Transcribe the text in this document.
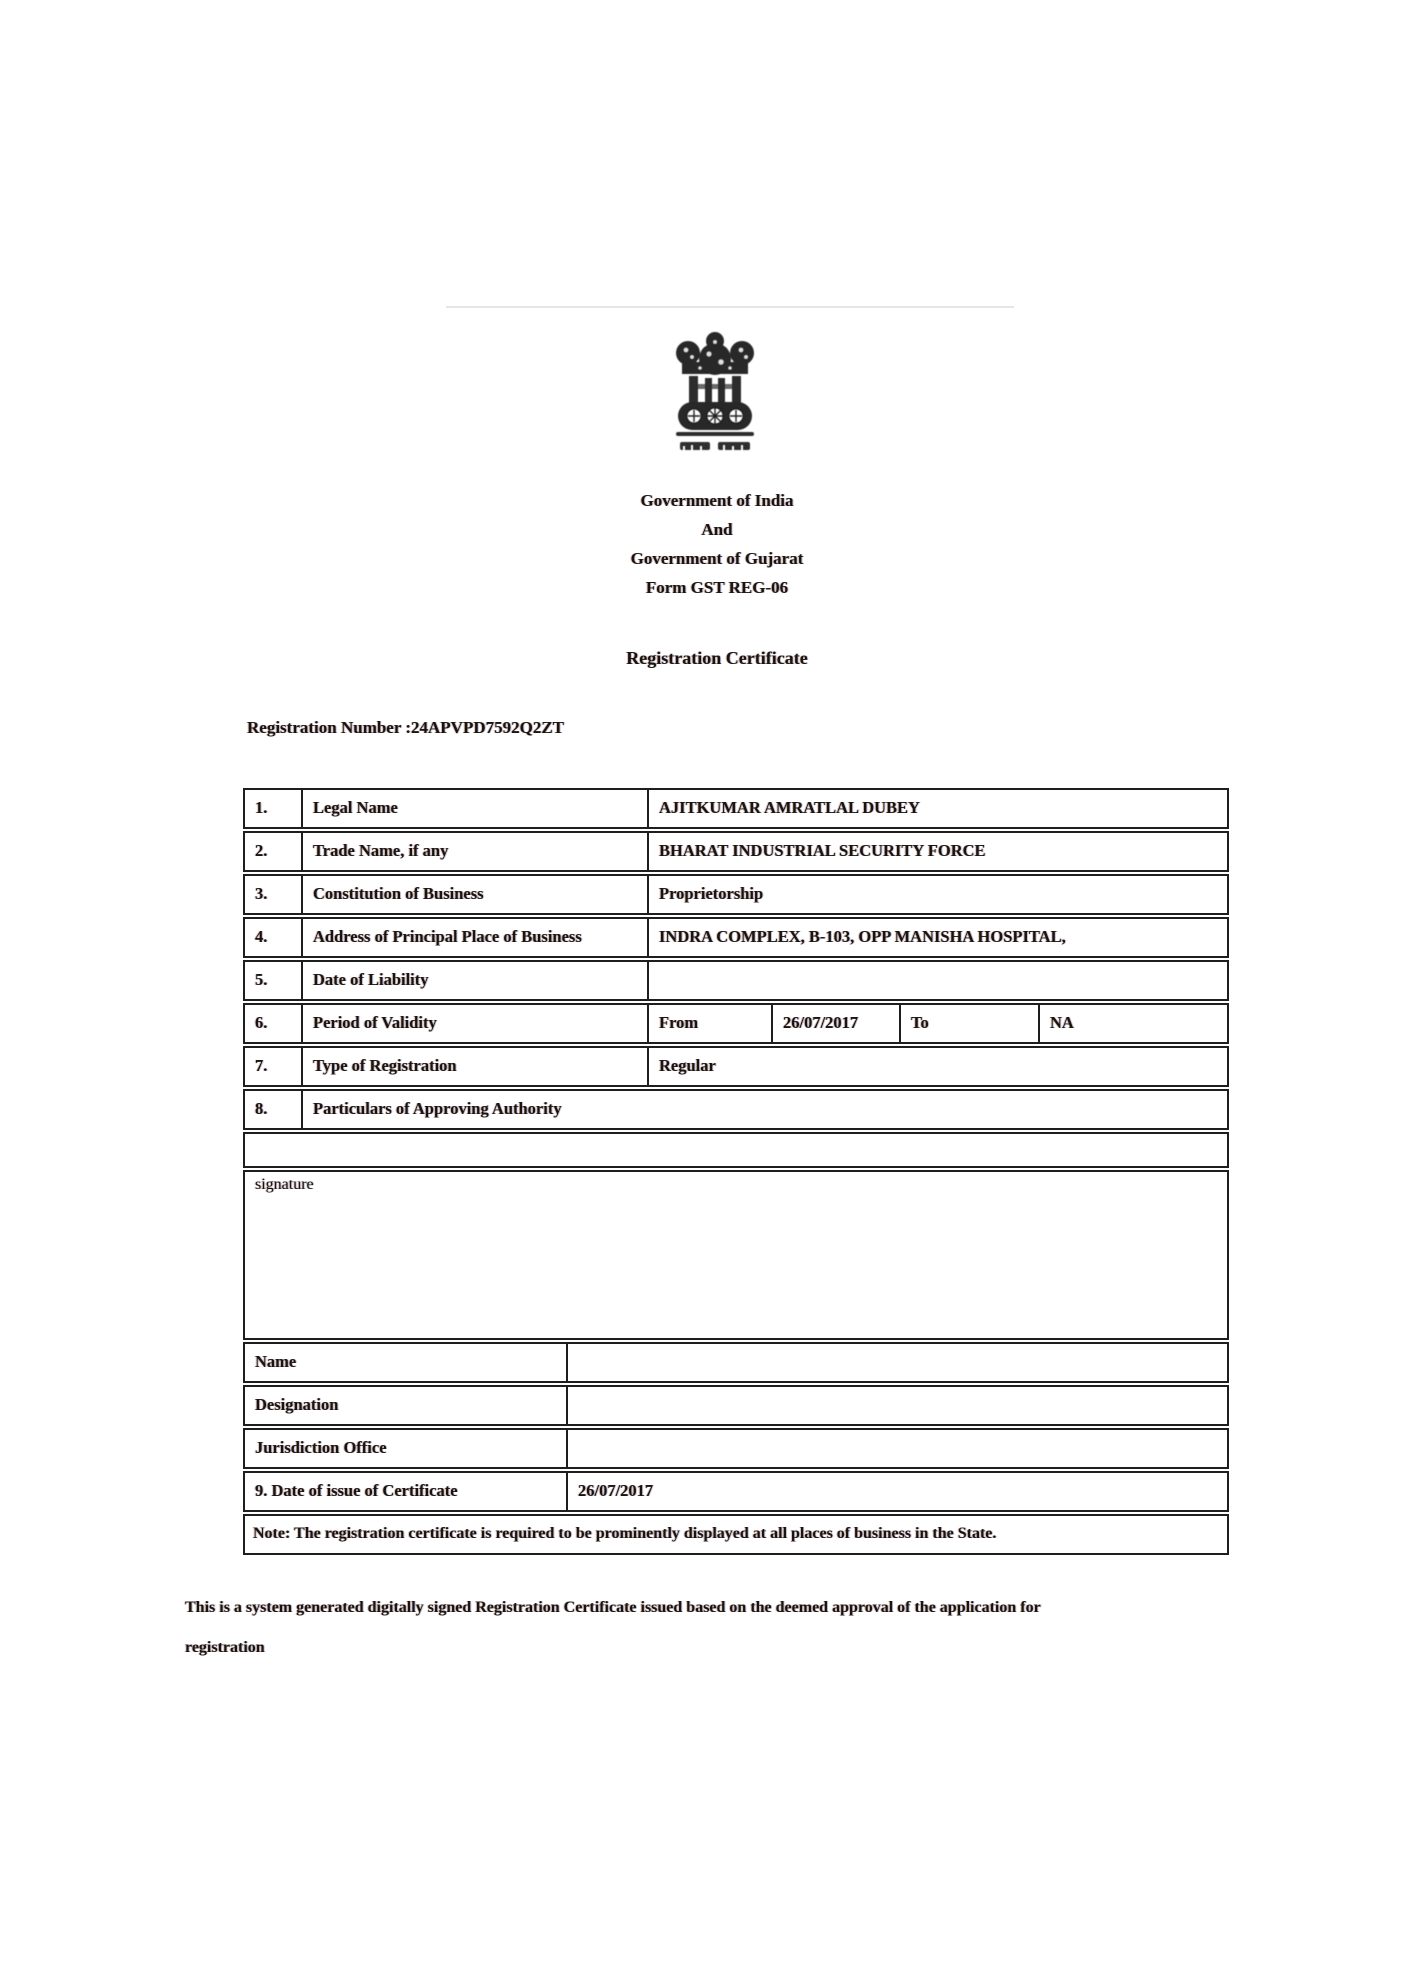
Government of India

And

Government of Gujarat

Form GST REG-06

Registration Certificate
Registration Number :24APVPD7592Q2ZT
1.	Legal Name	AJITKUMAR AMRATLAL DUBEY
2.	Trade Name, if any	BHARAT INDUSTRIAL SECURITY FORCE
3.	Constitution of Business	Proprietorship
4.	Address of Principal Place of Business	INDRA COMPLEX, B-103, OPP MANISHA HOSPITAL,
5.	Date of Liability
6.	Period of Validity	From	26/07/2017	To	NA
7.	Type of Registration	Regular
8.	Particulars of Approving Authority
signature
Name
Designation
Jurisdiction Office
9. Date of issue of Certificate	26/07/2017
Note: The registration certificate is required to be prominently displayed at all places of business in the State.

This is a system generated digitally signed Registration Certificate issued based on the deemed approval of the application for

registration
